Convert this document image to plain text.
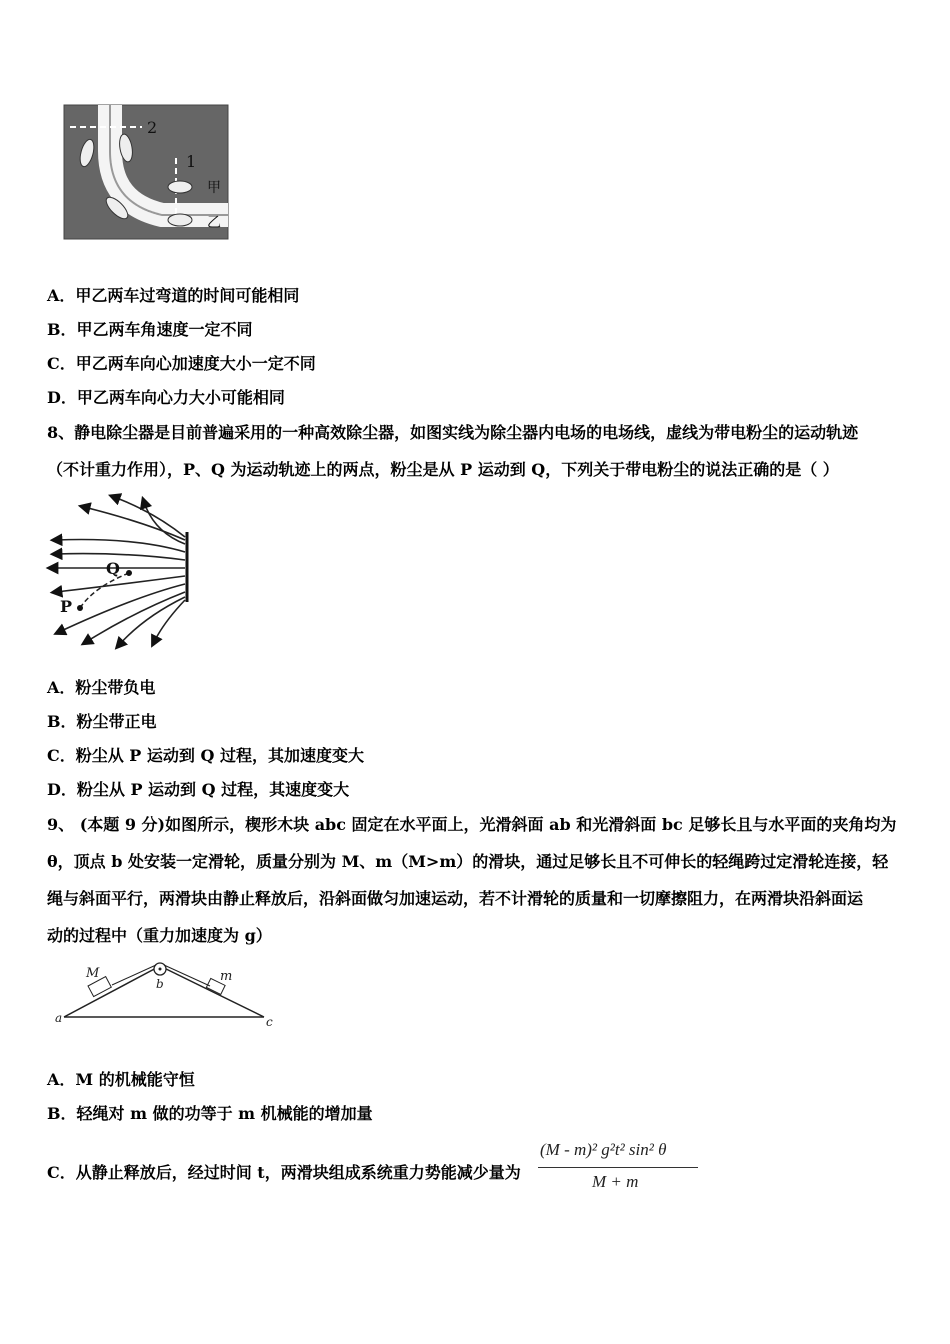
2
1
甲
乙
A．甲乙两车过弯道的时间可能相同
B．甲乙两车角速度一定不同
C．甲乙两车向心加速度大小一定不同
D．甲乙两车向心力大小可能相同
8、静电除尘器是目前普遍采用的一种高效除尘器，如图实线为除尘器内电场的电场线，虚线为带电粉尘的运动轨迹
（不计重力作用），P、Q 为运动轨迹上的两点，粉尘是从 P 运动到 Q，下列关于带电粉尘的说法正确的是（ ）
P
Q
A．粉尘带负电
B．粉尘带正电
C．粉尘从 P 运动到 Q 过程，其加速度变大
D．粉尘从 P 运动到 Q 过程，其速度变大
9、 (本题 9 分)如图所示，楔形木块 abc 固定在水平面上，光滑斜面 ab 和光滑斜面 bc 足够长且与水平面的夹角均为
θ，顶点 b 处安装一定滑轮，质量分别为 M、m（M>m）的滑块，通过足够长且不可伸长的轻绳跨过定滑轮连接，轻
绳与斜面平行，两滑块由静止释放后，沿斜面做匀加速运动，若不计滑轮的质量和一切摩擦阻力，在两滑块沿斜面运
动的过程中（重力加速度为 g）
M	m
b
a	c
A．M 的机械能守恒
B．轻绳对 m 做的功等于 m 机械能的增加量
C．从静止释放后，经过时间 t，两滑块组成系统重力势能减少量为
(M - m)² g²t² sin² θ
M + m
